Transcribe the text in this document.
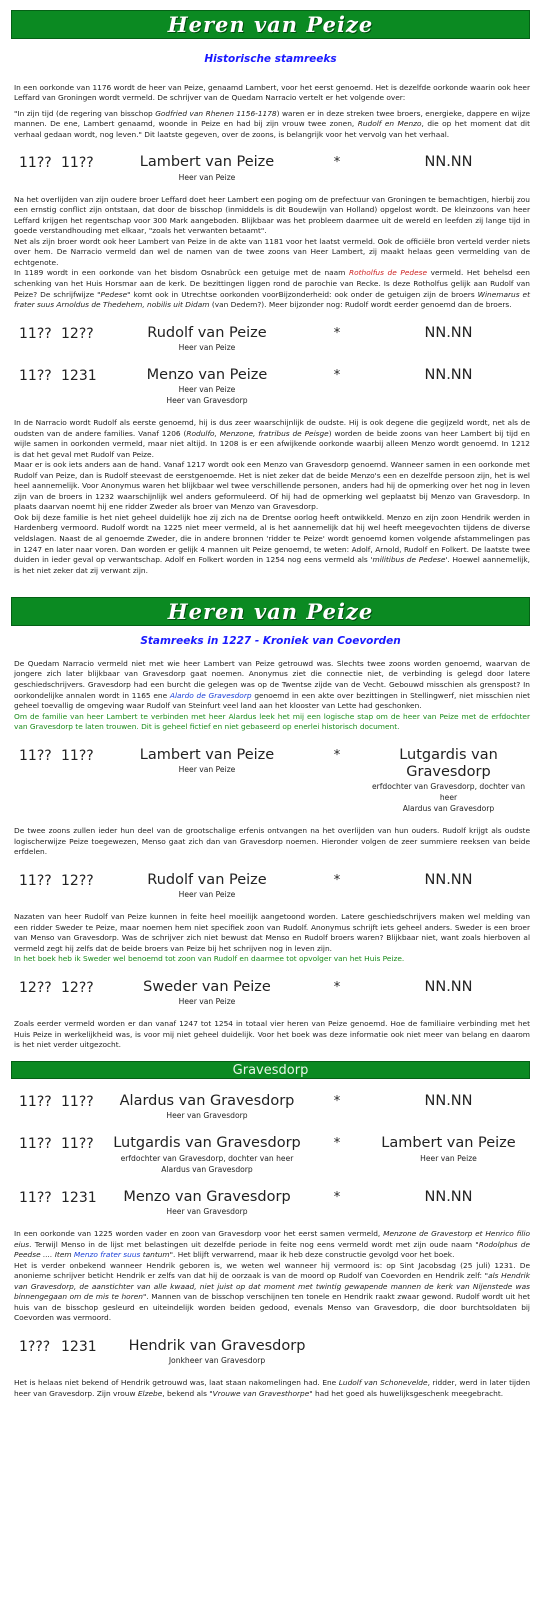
Heren van Peize
Historische stamreeks

In een oorkonde van 1176 wordt de heer van Peize, genaamd Lambert, voor het eerst genoemd. Het is dezelfde oorkonde waarin ook heer Leffard van Groningen wordt vermeld. De schrijver van de Quedam Narracio vertelt er het volgende over:

"In zijn tijd (de regering van bisschop Godfried van Rhenen 1156-1178) waren er in deze streken twee broers, energieke, dappere en wijze mannen. De ene, Lambert genaamd, woonde in Peize en had bij zijn vrouw twee zonen, Rudolf en Menzo, die op het moment dat dit verhaal gedaan wordt, nog leven." Dit laatste gegeven, over de zoons, is belangrijk voor het vervolg van het verhaal.

11?? 11??	Lambert van Peize
Heer van Peize
*	NN.NN

Na het overlijden van zijn oudere broer Leffard doet heer Lambert een poging om de prefectuur van Groningen te bemachtigen, hierbij zou een ernstig conflict zijn ontstaan, dat door de bisschop (inmiddels is dit Boudewijn van Holland) opgelost wordt. De kleinzoons van heer Leffard krijgen het regentschap voor 300 Mark aangeboden. Blijkbaar was het probleem daarmee uit de wereld en leefden zij lange tijd in goede verstandhouding met elkaar, "zoals het verwanten betaamt".
Net als zijn broer wordt ook heer Lambert van Peize in de akte van 1181 voor het laatst vermeld. Ook de officiële bron verteld verder niets over hem. De Narracio vermeld dan wel de namen van de twee zoons van Heer Lambert, zij maakt helaas geen vermelding van de echtgenote.
In 1189 wordt in een oorkonde van het bisdom Osnabrück een getuige met de naam Rotholfus de Pedese vermeld. Het behelsd een schenking van het Huis Horsmar aan de kerk. De bezittingen liggen rond de parochie van Recke. Is deze Rotholfus gelijk aan Rudolf van Peize? De schrijfwijze "Pedese" komt ook in Utrechtse oorkonden voorBijzonderheid: ook onder de getuigen zijn de broers Winemarus et frater suus Arnoldus de Thedehem, nobilis uit Didam (van Dedem?). Meer bijzonder nog: Rudolf wordt eerder genoemd dan de broers.

11?? 12??	Rudolf van Peize
Heer van Peize
*	NN.NN
11?? 1231	Menzo van Peize
Heer van Peize
Heer van Gravesdorp
*	NN.NN

In de Narracio wordt Rudolf als eerste genoemd, hij is dus zeer waarschijnlijk de oudste. Hij is ook degene die gegijzeld wordt, net als de oudsten van de andere families. Vanaf 1206 (Rodulfo, Menzone, fratribus de Peisge) worden de beide zoons van heer Lambert bij tijd en wijle samen in oorkonden vermeld, maar niet altijd. In 1208 is er een afwijkende oorkonde waarbij alleen Menzo wordt genoemd. In 1212 is dat het geval met Rudolf van Peize.
Maar er is ook iets anders aan de hand. Vanaf 1217 wordt ook een Menzo van Gravesdorp genoemd. Wanneer samen in een oorkonde met Rudolf van Peize, dan is Rudolf steevast de eerstgenoemde. Het is niet zeker dat de beide Menzo's een en dezelfde persoon zijn, het is wel heel aannemelijk. Voor Anonymus waren het blijkbaar wel twee verschillende personen, anders had hij de opmerking over het nog in leven zijn van de broers in 1232 waarschijnlijk wel anders geformuleerd. Of hij had de opmerking wel geplaatst bij Menzo van Gravesdorp. In plaats daarvan noemt hij ene ridder Zweder als broer van Menzo van Gravesdorp.
Ook bij deze familie is het niet geheel duidelijk hoe zij zich na de Drentse oorlog heeft ontwikkeld. Menzo en zijn zoon Hendrik werden in Hardenberg vermoord. Rudolf wordt na 1225 niet meer vermeld, al is het aannemelijk dat hij wel heeft meegevochten tijdens de diverse veldslagen. Naast de al genoemde Zweder, die in andere bronnen 'ridder te Peize' wordt genoemd komen volgende afstammelingen pas in 1247 en later naar voren. Dan worden er gelijk 4 mannen uit Peize genoemd, te weten: Adolf, Arnold, Rudolf en Folkert. De laatste twee duiden in ieder geval op verwantschap. Adolf en Folkert worden in 1254 nog eens vermeld als 'militibus de Pedese'. Hoewel aannemelijk, is het niet zeker dat zij verwant zijn.

Heren van Peize
Stamreeks in 1227 - Kroniek van Coevorden

De Quedam Narracio vermeld niet met wie heer Lambert van Peize getrouwd was. Slechts twee zoons worden genoemd, waarvan de jongere zich later blijkbaar van Gravesdorp gaat noemen. Anonymus ziet die connectie niet, de verbinding is gelegd door latere geschiedschrijvers. Gravesdorp had een burcht die gelegen was op de Twentse zijde van de Vecht. Gebouwd misschien als grenspost? In oorkondelijke annalen wordt in 1165 ene Alardo de Gravesdorp genoemd in een akte over bezittingen in Stellingwerf, niet misschien niet geheel toevallig de omgeving waar Rudolf van Steinfurt veel land aan het klooster van Lette had geschonken.
Om de familie van heer Lambert te verbinden met heer Alardus leek het mij een logische stap om de heer van Peize met de erfdochter van Gravesdorp te laten trouwen. Dit is geheel fictief en niet gebaseerd op enerlei historisch document.

11?? 11??	Lambert van Peize
Heer van Peize
*	Lutgardis van Gravesdorp
erfdochter van Gravesdorp, dochter van heer
Alardus van Gravesdorp

De twee zoons zullen ieder hun deel van de grootschalige erfenis ontvangen na het overlijden van hun ouders. Rudolf krijgt als oudste logischerwijze Peize toegewezen, Menso gaat zich dan van Gravesdorp noemen. Hieronder volgen de zeer summiere reeksen van beide erfdelen.

11?? 12??	Rudolf van Peize
Heer van Peize
*	NN.NN

Nazaten van heer Rudolf van Peize kunnen in feite heel moeilijk aangetoond worden. Latere geschiedschrijvers maken wel melding van een ridder Sweder te Peize, maar noemen hem niet specifiek zoon van Rudolf. Anonymus schrijft iets geheel anders. Sweder is een broer van Menso van Gravesdorp. Was de schrijver zich niet bewust dat Menso en Rudolf broers waren? Blijkbaar niet, want zoals hierboven al vermeld zegt hij zelfs dat de beide broers van Peize bij het schrijven nog in leven zijn.
In het boek heb ik Sweder wel benoemd tot zoon van Rudolf en daarmee tot opvolger van het Huis Peize.

12?? 12??	Sweder van Peize
Heer van Peize
*	NN.NN

Zoals eerder vermeld worden er dan vanaf 1247 tot 1254 in totaal vier heren van Peize genoemd. Hoe de familiaire verbinding met het Huis Peize in werkelijkheid was, is voor mij niet geheel duidelijk. Voor het boek was deze informatie ook niet meer van belang en daarom is het niet verder uitgezocht.

Gravesdorp
11?? 11??	Alardus van Gravesdorp
Heer van Gravesdorp
*	NN.NN
11?? 11??	Lutgardis van Gravesdorp
erfdochter van Gravesdorp, dochter van heer
Alardus van Gravesdorp
*	Lambert van Peize
Heer van Peize
11?? 1231	Menzo van Gravesdorp
Heer van Gravesdorp
*	NN.NN

In een oorkonde van 1225 worden vader en zoon van Gravesdorp voor het eerst samen vermeld, Menzone de Gravestorp et Henrico filio eius. Terwijl Menso in de lijst met belastingen uit dezelfde periode in feite nog eens vermeld wordt met zijn oude naam "Rodolphus de Peedse .... Item Menzo frater suus tantum". Het blijft verwarrend, maar ik heb deze constructie gevolgd voor het boek.
Het is verder onbekend wanneer Hendrik geboren is, we weten wel wanneer hij vermoord is: op Sint Jacobsdag (25 juli) 1231. De anonieme schrijver beticht Hendrik er zelfs van dat hij de oorzaak is van de moord op Rudolf van Coevorden en Hendrik zelf: "als Hendrik van Gravesdorp, de aanstichter van alle kwaad, niet juist op dat moment met twintig gewapende mannen de kerk van Nijenstede was binnengegaan om de mis te horen". Mannen van de bisschop verschijnen ten tonele en Hendrik raakt zwaar gewond. Rudolf wordt uit het huis van de bisschop gesleurd en uiteindelijk worden beiden gedood, evenals Menso van Gravesdorp, die door burchtsoldaten bij Coevorden was vermoord.

1??? 1231	Hendrik van Gravesdorp
Jonkheer van Gravesdorp

Het is helaas niet bekend of Hendrik getrouwd was, laat staan nakomelingen had. Ene Ludolf van Schonevelde, ridder, werd in later tijden heer van Gravesdorp. Zijn vrouw Elzebe, bekend als "Vrouwe van Gravesthorpe" had het goed als huwelijksgeschenk meegebracht.
